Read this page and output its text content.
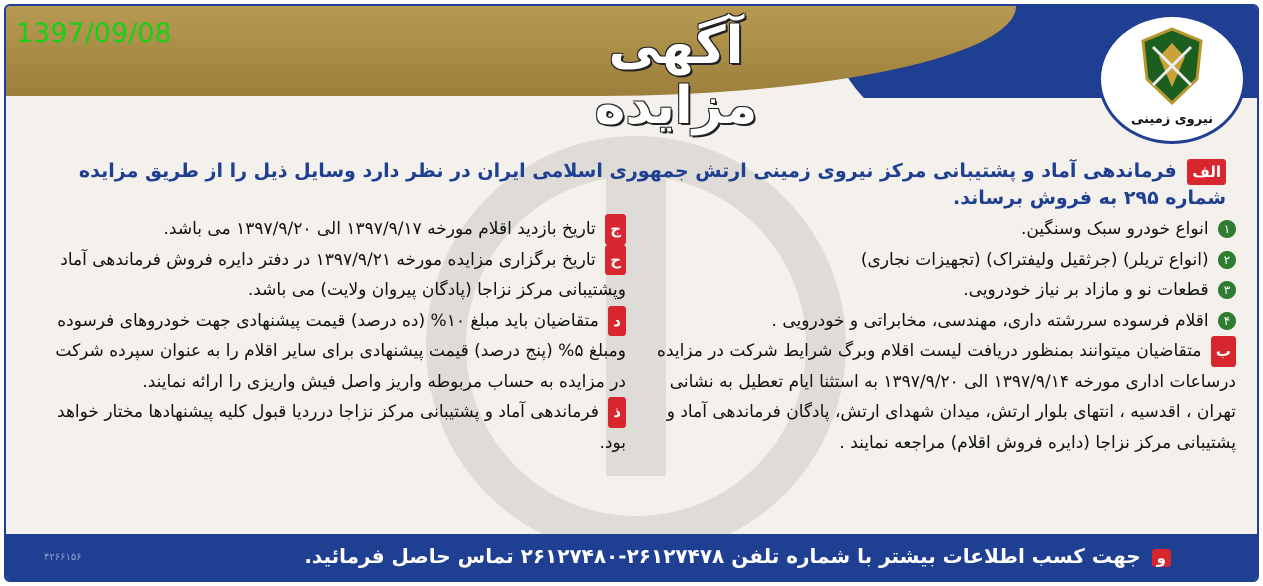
1397/09/08	آگهی مزایده	نیروی زمینی
الف فرماندهی آماد و پشتیبانی مرکز نیروی زمینی ارتش جمهوری اسلامی ایران در نظر دارد وسایل ذیل را از طریق مزایده شماره ۲۹۵ به فروش برساند.
۱ انواع خودرو سبک وسنگین.
۲ (انواع تریلر) (جرثقیل ولیفتراک) (تجهیزات نجاری)
۳ قطعات نو و مازاد بر نیاز خودرویی.
۴ اقلام فرسوده سررشته داری، مهندسی، مخابراتی و خودرویی .
ب متقاضیان میتوانند بمنظور دریافت لیست اقلام وبرگ شرایط شرکت در مزایده درساعات اداری مورخه ۱۳۹۷/۹/۱۴ الی ۱۳۹۷/۹/۲۰ به استثنا ایام تعطیل به نشانی تهران ، اقدسیه ، انتهای بلوار ارتش، میدان شهدای ارتش، پادگان فرماندهی آماد و پشتیبانی مرکز نزاجا (دایره فروش اقلام) مراجعه نمایند .
ج تاریخ بازدید اقلام مورخه ۱۳۹۷/۹/۱۷ الی ۱۳۹۷/۹/۲۰ می باشد.
ح تاریخ برگزاری مزایده مورخه ۱۳۹۷/۹/۲۱ در دفتر دایره فروش فرماندهی آماد وپشتیبانی مرکز نزاجا (پادگان پیروان ولایت) می باشد.
د متقاضیان باید مبلغ ۱۰% (ده درصد) قیمت پیشنهادی جهت خودروهای فرسوده ومبلغ ۵% (پنج درصد) قیمت پیشنهادی برای سایر اقلام را به عنوان سپرده شرکت در مزایده به حساب مربوطه واریز واصل فیش واریزی را ارائه نمایند.
ذ فرماندهی آماد و پشتیبانی مرکز نزاجا درردیا قبول کلیه پیشنهادها مختار خواهد بود.
و جهت کسب اطلاعات بیشتر با شماره تلفن ۲۶۱۲۷۴۷۸-۲۶۱۲۷۴۸۰ تماس حاصل فرمائید.
۴۲۶۶۱۵۶
